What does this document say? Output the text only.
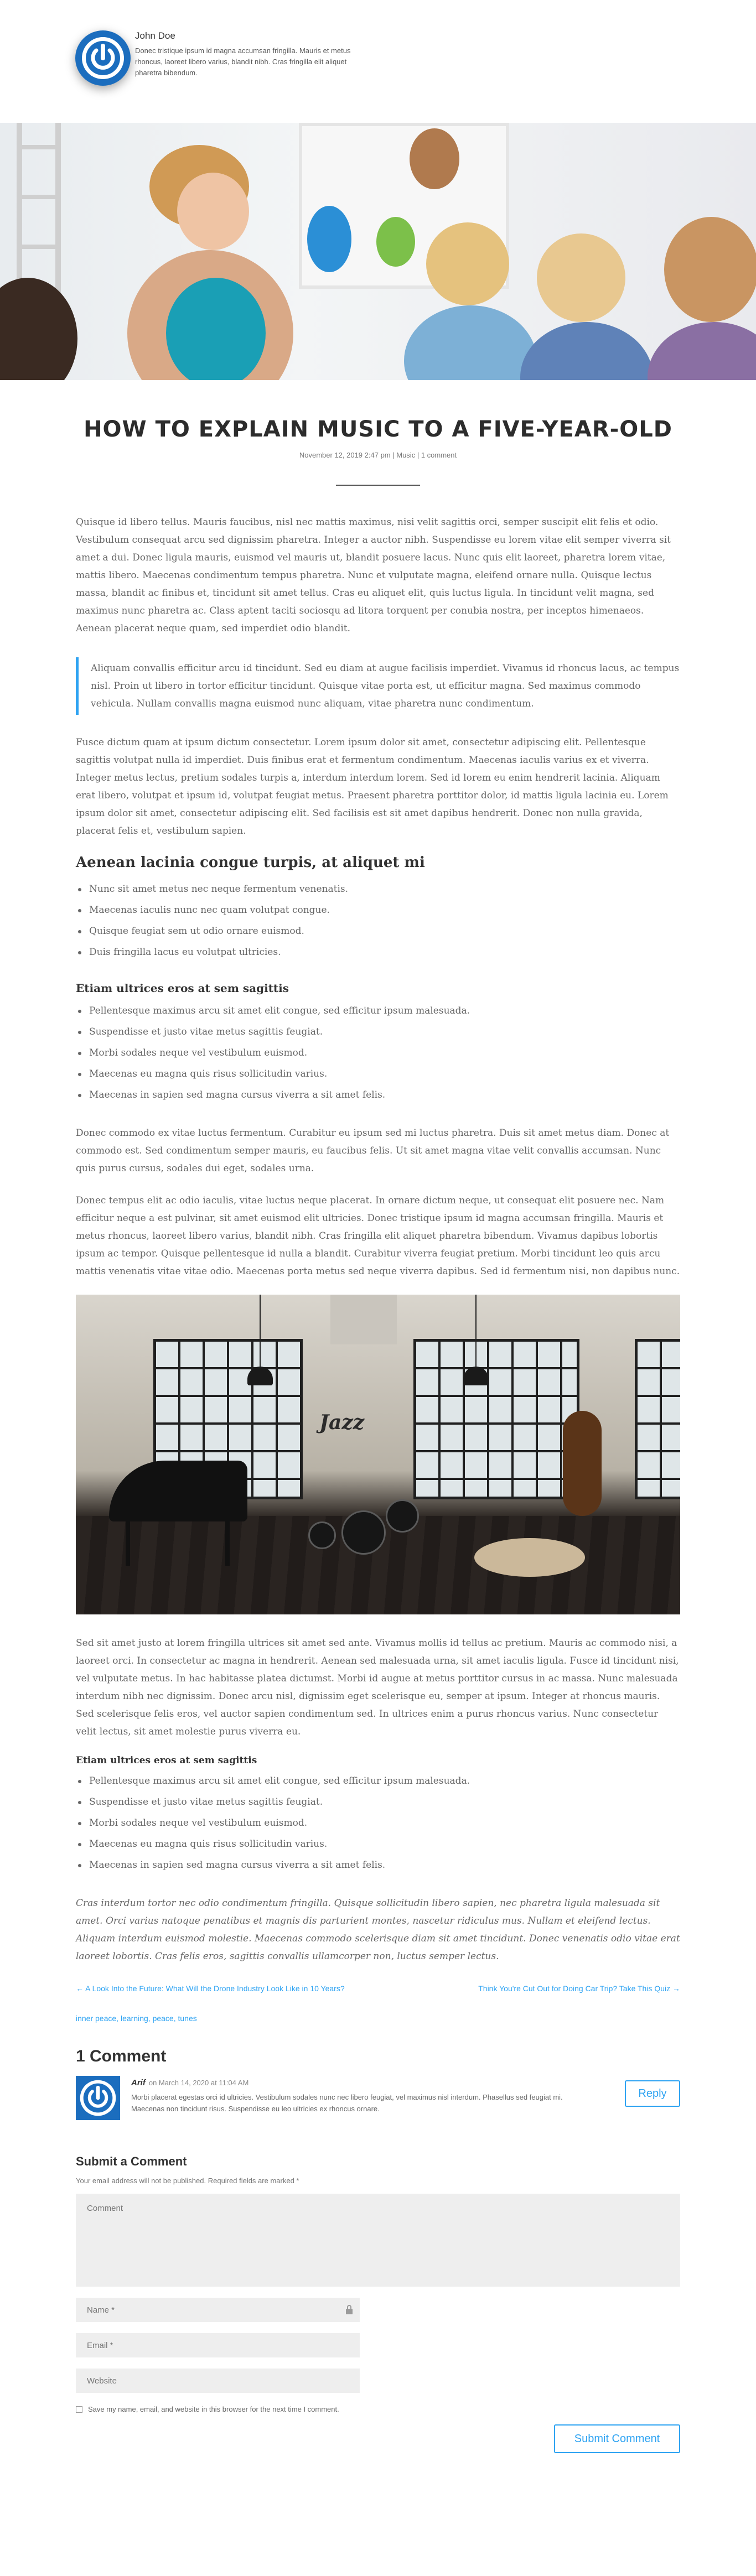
John Doe
Donec tristique ipsum id magna accumsan fringilla. Mauris et metus rhoncus, laoreet libero varius, blandit nibh. Cras fringilla elit aliquet pharetra bibendum.
HOW TO EXPLAIN MUSIC TO A FIVE-YEAR-OLD
November 12, 2019 2:47 pm | Music | 1 comment

Quisque id libero tellus. Mauris faucibus, nisl nec mattis maximus, nisi velit sagittis orci, semper suscipit elit felis et odio. Vestibulum consequat arcu sed dignissim pharetra. Integer a auctor nibh. Suspendisse eu lorem vitae elit semper viverra sit amet a dui. Donec ligula mauris, euismod vel mauris ut, blandit posuere lacus. Nunc quis elit laoreet, pharetra lorem vitae, mattis libero. Maecenas condimentum tempus pharetra. Nunc et vulputate magna, eleifend ornare nulla. Quisque lectus massa, blandit ac finibus et, tincidunt sit amet tellus. Cras eu aliquet elit, quis luctus ligula. In tincidunt velit magna, sed maximus nunc pharetra ac. Class aptent taciti sociosqu ad litora torquent per conubia nostra, per inceptos himenaeos. Aenean placerat neque quam, sed imperdiet odio blandit.

Aliquam convallis efficitur arcu id tincidunt. Sed eu diam at augue facilisis imperdiet. Vivamus id rhoncus lacus, ac tempus nisl. Proin ut libero in tortor efficitur tincidunt. Quisque vitae porta est, ut efficitur magna. Sed maximus commodo vehicula. Nullam convallis magna euismod nunc aliquam, vitae pharetra nunc condimentum.

Fusce dictum quam at ipsum dictum consectetur. Lorem ipsum dolor sit amet, consectetur adipiscing elit. Pellentesque sagittis volutpat nulla id imperdiet. Duis finibus erat et fermentum condimentum. Maecenas iaculis varius ex et viverra. Integer metus lectus, pretium sodales turpis a, interdum interdum lorem. Sed id lorem eu enim hendrerit lacinia. Aliquam erat libero, volutpat et ipsum id, volutpat feugiat metus. Praesent pharetra porttitor dolor, id mattis ligula lacinia eu. Lorem ipsum dolor sit amet, consectetur adipiscing elit. Sed facilisis est sit amet dapibus hendrerit. Donec non nulla gravida, placerat felis et, vestibulum sapien.

Aenean lacinia congue turpis, at aliquet mi
Nunc sit amet metus nec neque fermentum venenatis.
Maecenas iaculis nunc nec quam volutpat congue.
Quisque feugiat sem ut odio ornare euismod.
Duis fringilla lacus eu volutpat ultricies.
Etiam ultrices eros at sem sagittis
Pellentesque maximus arcu sit amet elit congue, sed efficitur ipsum malesuada.
Suspendisse et justo vitae metus sagittis feugiat.
Morbi sodales neque vel vestibulum euismod.
Maecenas eu magna quis risus sollicitudin varius.
Maecenas in sapien sed magna cursus viverra a sit amet felis.

Donec commodo ex vitae luctus fermentum. Curabitur eu ipsum sed mi luctus pharetra. Duis sit amet metus diam. Donec at commodo est. Sed condimentum semper mauris, eu faucibus felis. Ut sit amet magna vitae velit convallis accumsan. Nunc quis purus cursus, sodales dui eget, sodales urna.

Donec tempus elit ac odio iaculis, vitae luctus neque placerat. In ornare dictum neque, ut consequat elit posuere nec. Nam efficitur neque a est pulvinar, sit amet euismod elit ultricies. Donec tristique ipsum id magna accumsan fringilla. Mauris et metus rhoncus, laoreet libero varius, blandit nibh. Cras fringilla elit aliquet pharetra bibendum. Vivamus dapibus lobortis ipsum ac tempor. Quisque pellentesque id nulla a blandit. Curabitur viverra feugiat pretium. Morbi tincidunt leo quis arcu mattis venenatis vitae vitae odio. Maecenas porta metus sed neque viverra dapibus. Sed id fermentum nisi, non dapibus nunc.

Jazz

Sed sit amet justo at lorem fringilla ultrices sit amet sed ante. Vivamus mollis id tellus ac pretium. Mauris ac commodo nisi, a laoreet orci. In consectetur ac magna in hendrerit. Aenean sed malesuada urna, sit amet iaculis ligula. Fusce id tincidunt nisi, vel vulputate metus. In hac habitasse platea dictumst. Morbi id augue at metus porttitor cursus in ac massa. Nunc malesuada interdum nibh nec dignissim. Donec arcu nisl, dignissim eget scelerisque eu, semper at ipsum. Integer at rhoncus mauris. Sed scelerisque felis eros, vel auctor sapien condimentum sed. In ultrices enim a purus rhoncus varius. Nunc consectetur velit lectus, sit amet molestie purus viverra eu.

Etiam ultrices eros at sem sagittis
Pellentesque maximus arcu sit amet elit congue, sed efficitur ipsum malesuada.
Suspendisse et justo vitae metus sagittis feugiat.
Morbi sodales neque vel vestibulum euismod.
Maecenas eu magna quis risus sollicitudin varius.
Maecenas in sapien sed magna cursus viverra a sit amet felis.

Cras interdum tortor nec odio condimentum fringilla. Quisque sollicitudin libero sapien, nec pharetra ligula malesuada sit amet. Orci varius natoque penatibus et magnis dis parturient montes, nascetur ridiculus mus. Nullam et eleifend lectus. Aliquam interdum euismod molestie. Maecenas commodo scelerisque diam sit amet tincidunt. Donec venenatis odio vitae erat laoreet lobortis. Cras felis eros, sagittis convallis ullamcorper non, luctus semper lectus.

← A Look Into the Future: What Will the Drone Industry Look Like in 10 Years?	Think You're Cut Out for Doing Car Trip? Take This Quiz →
inner peace, learning, peace, tunes
1 Comment
Arif on March 14, 2020 at 11:04 AM
Morbi placerat egestas orci id ultricies. Vestibulum sodales nunc nec libero feugiat, vel maximus nisl interdum. Phasellus sed feugiat mi. Maecenas non tincidunt risus. Suspendisse eu leo ultricies ex rhoncus ornare.
Reply
Submit a Comment
Your email address will not be published. Required fields are marked *
Comment
Name *
Email *
Website
Save my name, email, and website in this browser for the next time I comment.
Submit Comment
